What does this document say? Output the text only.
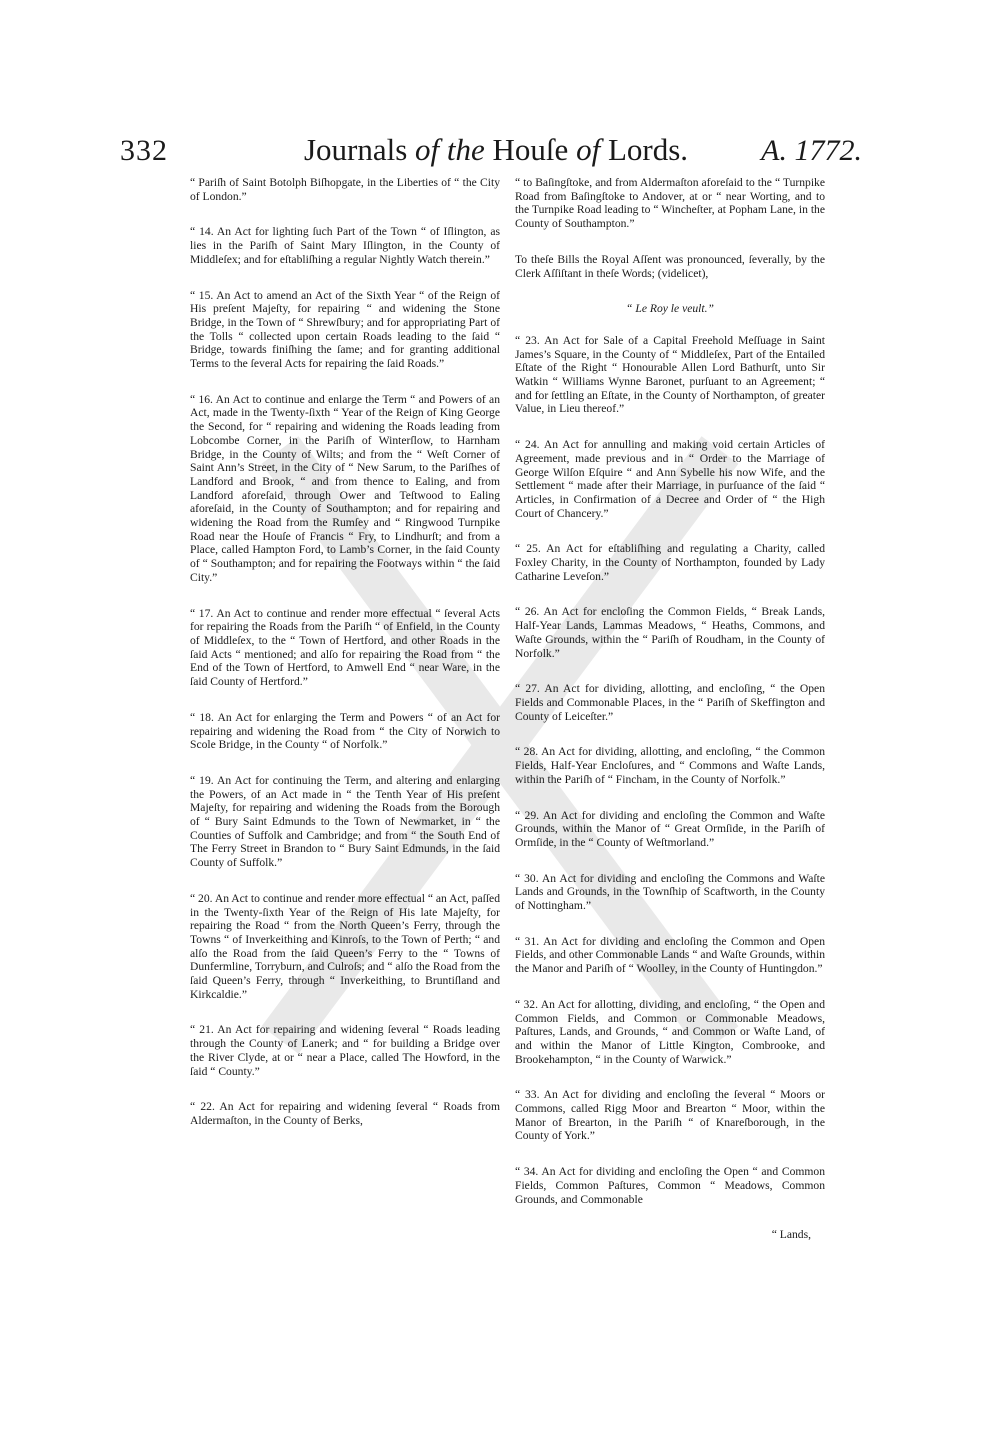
332	Journals of the Houſe of Lords.	A. 1772.

“ Pariſh of Saint Botolph Biſhopgate, in the Liberties of “ the City of London.”

“ 14. An Act for lighting ſuch Part of the Town “ of Iſlington, as lies in the Pariſh of Saint Mary Iſlington, in the County of Middleſex; and for eſtabliſhing a regular Nightly Watch therein.”

“ 15. An Act to amend an Act of the Sixth Year “ of the Reign of His preſent Majeſty, for repairing “ and widening the Stone Bridge, in the Town of “ Shrewſbury; and for appropriating Part of the Tolls “ collected upon certain Roads leading to the ſaid “ Bridge, towards finiſhing the ſame; and for granting additional Terms to the ſeveral Acts for repairing the ſaid Roads.”

“ 16. An Act to continue and enlarge the Term “ and Powers of an Act, made in the Twenty-ſixth “ Year of the Reign of King George the Second, for “ repairing and widening the Roads leading from Lobcombe Corner, in the Pariſh of Winterſlow, to Harnham Bridge, in the County of Wilts; and from the “ Weſt Corner of Saint Ann’s Street, in the City of “ New Sarum, to the Pariſhes of Landford and Brook, “ and from thence to Ealing, and from Landford aforeſaid, through Ower and Teſtwood to Ealing aforeſaid, in the County of Southampton; and for repairing and widening the Road from the Rumſey and “ Ringwood Turnpike Road near the Houſe of Francis “ Fry, to Lindhurſt; and from a Place, called Hampton Ford, to Lamb’s Corner, in the ſaid County of “ Southampton; and for repairing the Footways within “ the ſaid City.”

“ 17. An Act to continue and render more effectual “ ſeveral Acts for repairing the Roads from the Pariſh “ of Enfield, in the County of Middleſex, to the “ Town of Hertford, and other Roads in the ſaid Acts “ mentioned; and alſo for repairing the Road from “ the End of the Town of Hertford, to Amwell End “ near Ware, in the ſaid County of Hertford.”

“ 18. An Act for enlarging the Term and Powers “ of an Act for repairing and widening the Road from “ the City of Norwich to Scole Bridge, in the County “ of Norfolk.”

“ 19. An Act for continuing the Term, and altering and enlarging the Powers, of an Act made in “ the Tenth Year of His preſent Majeſty, for repairing and widening the Roads from the Borough of “ Bury Saint Edmunds to the Town of Newmarket, in “ the Counties of Suffolk and Cambridge; and from “ the South End of The Ferry Street in Brandon to “ Bury Saint Edmunds, in the ſaid County of Suffolk.”

“ 20. An Act to continue and render more effectual “ an Act, paſſed in the Twenty-ſixth Year of the Reign of His late Majeſty, for repairing the Road “ from the North Queen’s Ferry, through the Towns “ of Inverkeithing and Kinroſs, to the Town of Perth; “ and alſo the Road from the ſaid Queen’s Ferry to the “ Towns of Dunfermline, Torryburn, and Culroſs; and “ alſo the Road from the ſaid Queen’s Ferry, through “ Inverkeithing, to Bruntiſland and Kirkcaldie.”

“ 21. An Act for repairing and widening ſeveral “ Roads leading through the County of Lanerk; and “ for building a Bridge over the River Clyde, at or “ near a Place, called The Howford, in the ſaid “ County.”

“ 22. An Act for repairing and widening ſeveral “ Roads from Aldermaſton, in the County of Berks,

“ to Baſingſtoke, and from Aldermaſton aforeſaid to the “ Turnpike Road from Baſingſtoke to Andover, at or “ near Worting, and to the Turnpike Road leading to “ Wincheſter, at Popham Lane, in the County of Southampton.”

To theſe Bills the Royal Aſſent was pronounced, ſeverally, by the Clerk Aſſiſtant in theſe Words; (videlicet),

“ Le Roy le veult.”

“ 23. An Act for Sale of a Capital Freehold Meſſuage in Saint James’s Square, in the County of “ Middleſex, Part of the Entailed Eſtate of the Right “ Honourable Allen Lord Bathurſt, unto Sir Watkin “ Williams Wynne Baronet, purſuant to an Agreement; “ and for ſettling an Eſtate, in the County of Northampton, of greater Value, in Lieu thereof.”

“ 24. An Act for annulling and making void certain Articles of Agreement, made previous and in “ Order to the Marriage of George Wilſon Eſquire “ and Ann Sybelle his now Wife, and the Settlement “ made after their Marriage, in purſuance of the ſaid “ Articles, in Confirmation of a Decree and Order of “ the High Court of Chancery.”

“ 25. An Act for eſtabliſhing and regulating a Charity, called Foxley Charity, in the County of Northampton, founded by Lady Catharine Leveſon.”

“ 26. An Act for encloſing the Common Fields, “ Break Lands, Half-Year Lands, Lammas Meadows, “ Heaths, Commons, and Waſte Grounds, within the “ Pariſh of Roudham, in the County of Norfolk.”

“ 27. An Act for dividing, allotting, and encloſing, “ the Open Fields and Commonable Places, in the “ Pariſh of Skeffington and County of Leiceſter.”

“ 28. An Act for dividing, allotting, and encloſing, “ the Common Fields, Half-Year Encloſures, and “ Commons and Waſte Lands, within the Pariſh of “ Fincham, in the County of Norfolk.”

“ 29. An Act for dividing and encloſing the Common and Waſte Grounds, within the Manor of “ Great Ormſide, in the Pariſh of Ormſide, in the “ County of Weſtmorland.”

“ 30. An Act for dividing and encloſing the Commons and Waſte Lands and Grounds, in the Townſhip of Scaftworth, in the County of Nottingham.”

“ 31. An Act for dividing and encloſing the Common and Open Fields, and other Commonable Lands “ and Waſte Grounds, within the Manor and Pariſh of “ Woolley, in the County of Huntingdon.”

“ 32. An Act for allotting, dividing, and encloſing, “ the Open and Common Fields, and Common or Commonable Meadows, Paſtures, Lands, and Grounds, “ and Common or Waſte Land, of and within the Manor of Little Kington, Combrooke, and Brookehampton, “ in the County of Warwick.”

“ 33. An Act for dividing and encloſing the ſeveral “ Moors or Commons, called Rigg Moor and Brearton “ Moor, within the Manor of Brearton, in the Pariſh “ of Knareſborough, in the County of York.”

“ 34. An Act for dividing and encloſing the Open “ and Common Fields, Common Paſtures, Common “ Meadows, Common Grounds, and Commonable

“ Lands,
